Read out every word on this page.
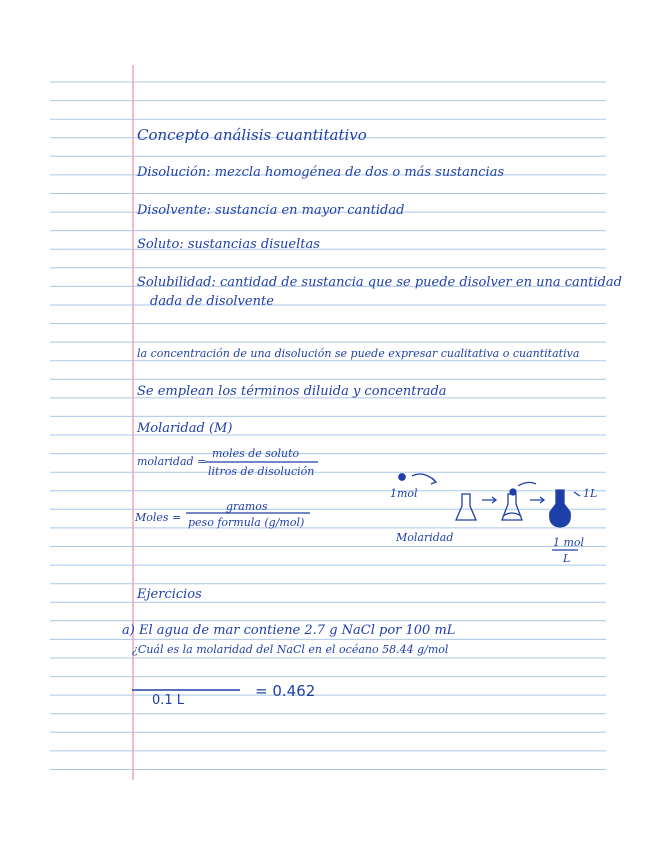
Concepto análisis cuantitativo
Disolución: mezcla homogénea de dos o más sustancias
Disolvente: sustancia en mayor cantidad
Soluto: sustancias disueltas
Solubilidad: cantidad de sustancia que se puede disolver en una cantidad
dada de disolvente
la concentración de una disolución se puede expresar cualitativa o cuantitativa
Se emplean los términos diluida y concentrada
Molaridad (M)
molaridad =
moles de soluto
litros de disolución
Moles =
gramos
peso formula (g/mol)
1mol	1L
Molaridad	1 mol
L
Ejercicios
a) El agua de mar contiene 2.7 g NaCl por 100 mL
¿Cuál es la molaridad del NaCl en el océano 58.44 g/mol
0.1 L
= 0.462
